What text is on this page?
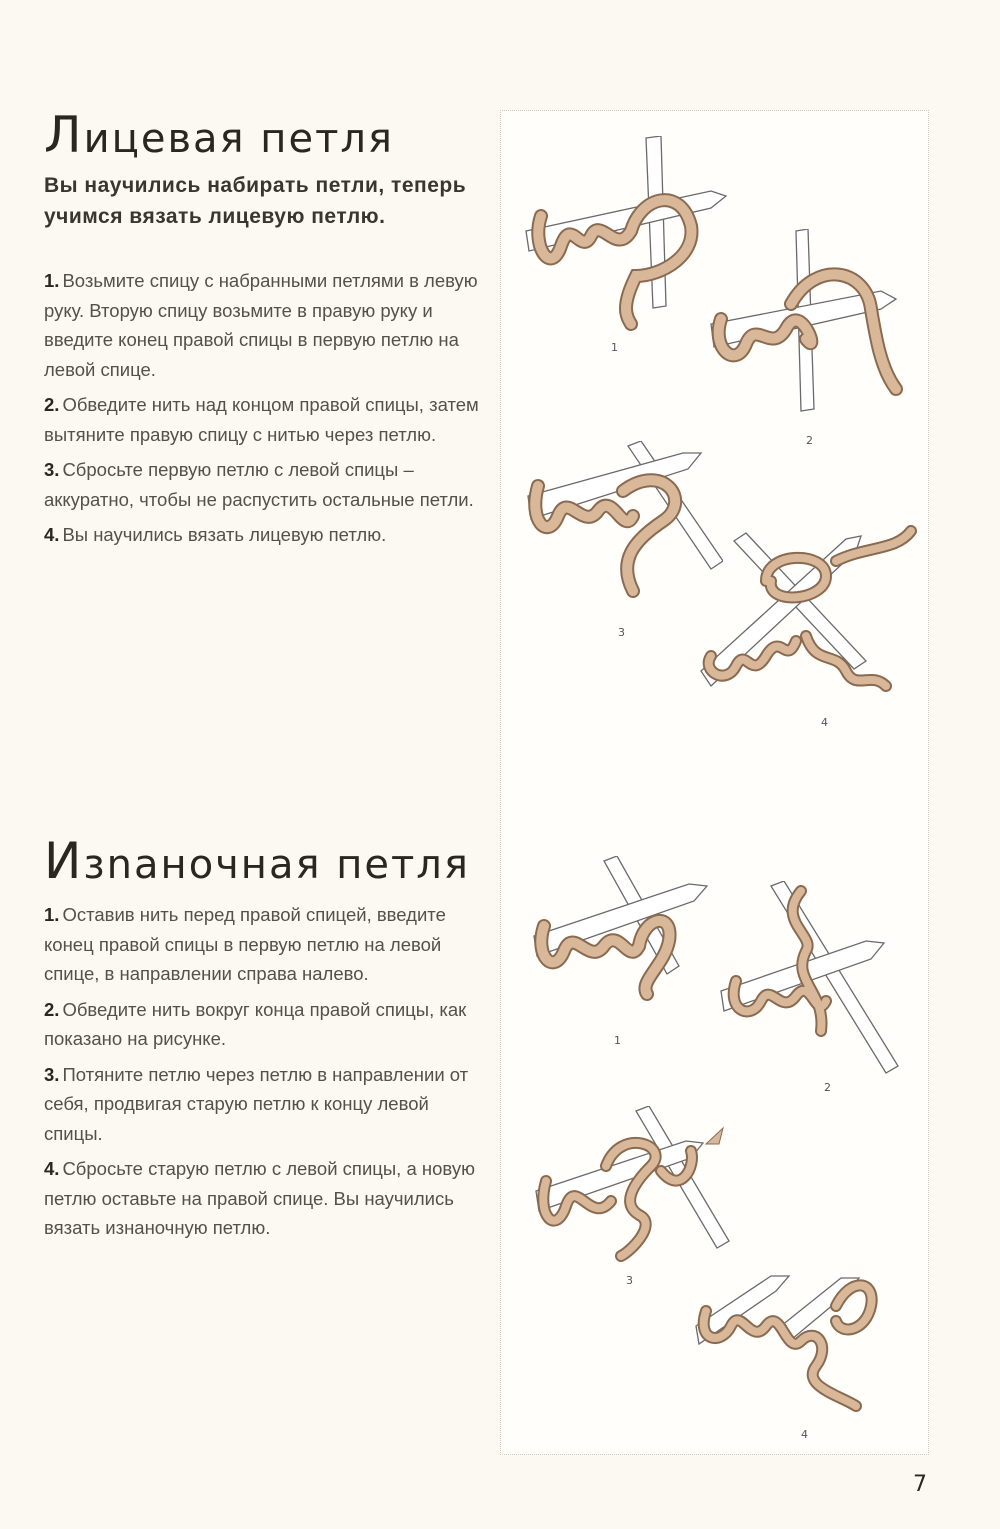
Лицевая петля
Вы научились набирать петли, теперь учимся вязать лицевую петлю.

1. Возьмите спицу с набранными петлями в левую руку. Вторую спицу возьмите в правую руку и введите конец правой спицы в первую петлю на левой спице.

2. Обведите нить над концом правой спицы, затем вытяните правую спицу с нитью через петлю.

3. Сбросьте первую петлю с левой спицы – аккуратно, чтобы не распустить остальные петли.

4. Вы научились вязать лицевую петлю.

Изnаночная петля

1. Оставив нить перед правой спицей, введите конец правой спицы в первую петлю на левой спице, в направлении справа налево.

2. Обведите нить вокруг конца правой спицы, как показано на рисунке.

3. Потяните петлю через петлю в направлении от себя, продвигая старую петлю к концу левой спицы.

4. Сбросьте старую петлю с левой спицы, а новую петлю оставьте на правой спице. Вы научились вязать изнаночную петлю.

1
2
3
4
1
2
3
4
7
